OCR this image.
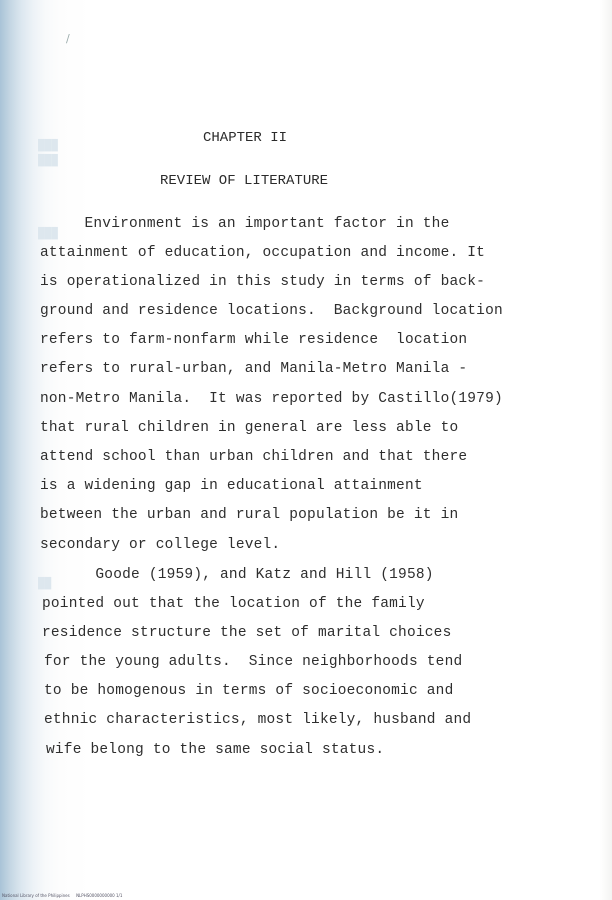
/
███
███
███
██
CHAPTER II
REVIEW OF LITERATURE
Environment is an important factor in the
attainment of education, occupation and income. It
is operationalized in this study in terms of back-
ground and residence locations.  Background location
refers to farm-nonfarm while residence  location
refers to rural-urban, and Manila-Metro Manila -
non-Metro Manila.  It was reported by Castillo(1979)
that rural children in general are less able to
attend school than urban children and that there
is a widening gap in educational attainment
between the urban and rural population be it in
secondary or college level.
Goode (1959), and Katz and Hill (1958)
pointed out that the location of the family
residence structure the set of marital choices
for the young adults.  Since neighborhoods tend
to be homogenous in terms of socioeconomic and
ethnic characteristics, most likely, husband and
wife belong to the same social status.
National Library of the Philippines     NLPHS0000000000 1/1
